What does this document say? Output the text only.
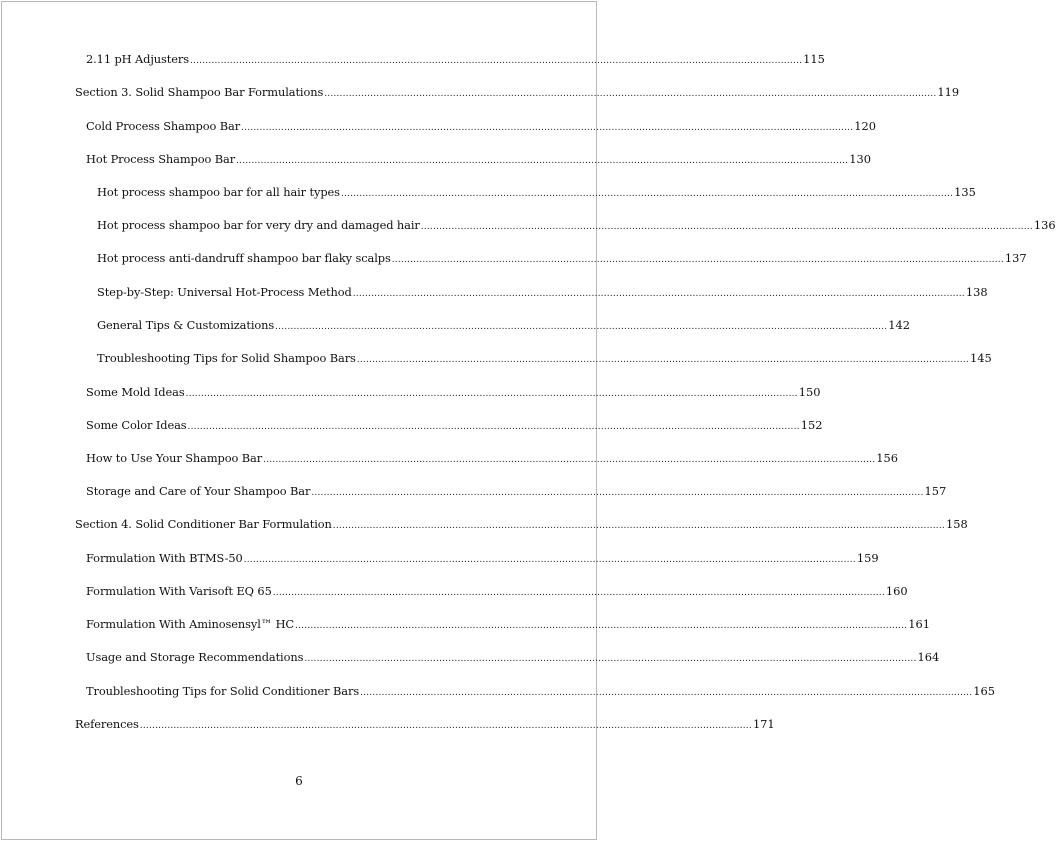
2.11 pH Adjusters ........................................................................................................................................................................................................ 115
Section 3. Solid Shampoo Bar Formulations ........................................................................................................................................................................................................ 119
Cold Process Shampoo Bar ........................................................................................................................................................................................................ 120
Hot Process Shampoo Bar ........................................................................................................................................................................................................ 130
Hot process shampoo bar for all hair types ........................................................................................................................................................................................................ 135
Hot process shampoo bar for very dry and damaged hair ........................................................................................................................................................................................................ 136
Hot process anti-dandruff shampoo bar flaky scalps ........................................................................................................................................................................................................ 137
Step-by-Step: Universal Hot-Process Method ........................................................................................................................................................................................................ 138
General Tips & Customizations ........................................................................................................................................................................................................ 142
Troubleshooting Tips for Solid Shampoo Bars ........................................................................................................................................................................................................ 145
Some Mold Ideas ........................................................................................................................................................................................................ 150
Some Color Ideas ........................................................................................................................................................................................................ 152
How to Use Your Shampoo Bar ........................................................................................................................................................................................................ 156
Storage and Care of Your Shampoo Bar ........................................................................................................................................................................................................ 157
Section 4. Solid Conditioner Bar Formulation ........................................................................................................................................................................................................ 158
Formulation With BTMS-50 ........................................................................................................................................................................................................ 159
Formulation With Varisoft EQ 65 ........................................................................................................................................................................................................ 160
Formulation With Aminosensyl™ HC ........................................................................................................................................................................................................ 161
Usage and Storage Recommendations ........................................................................................................................................................................................................ 164
Troubleshooting Tips for Solid Conditioner Bars ........................................................................................................................................................................................................ 165
References ........................................................................................................................................................................................................ 171
6
